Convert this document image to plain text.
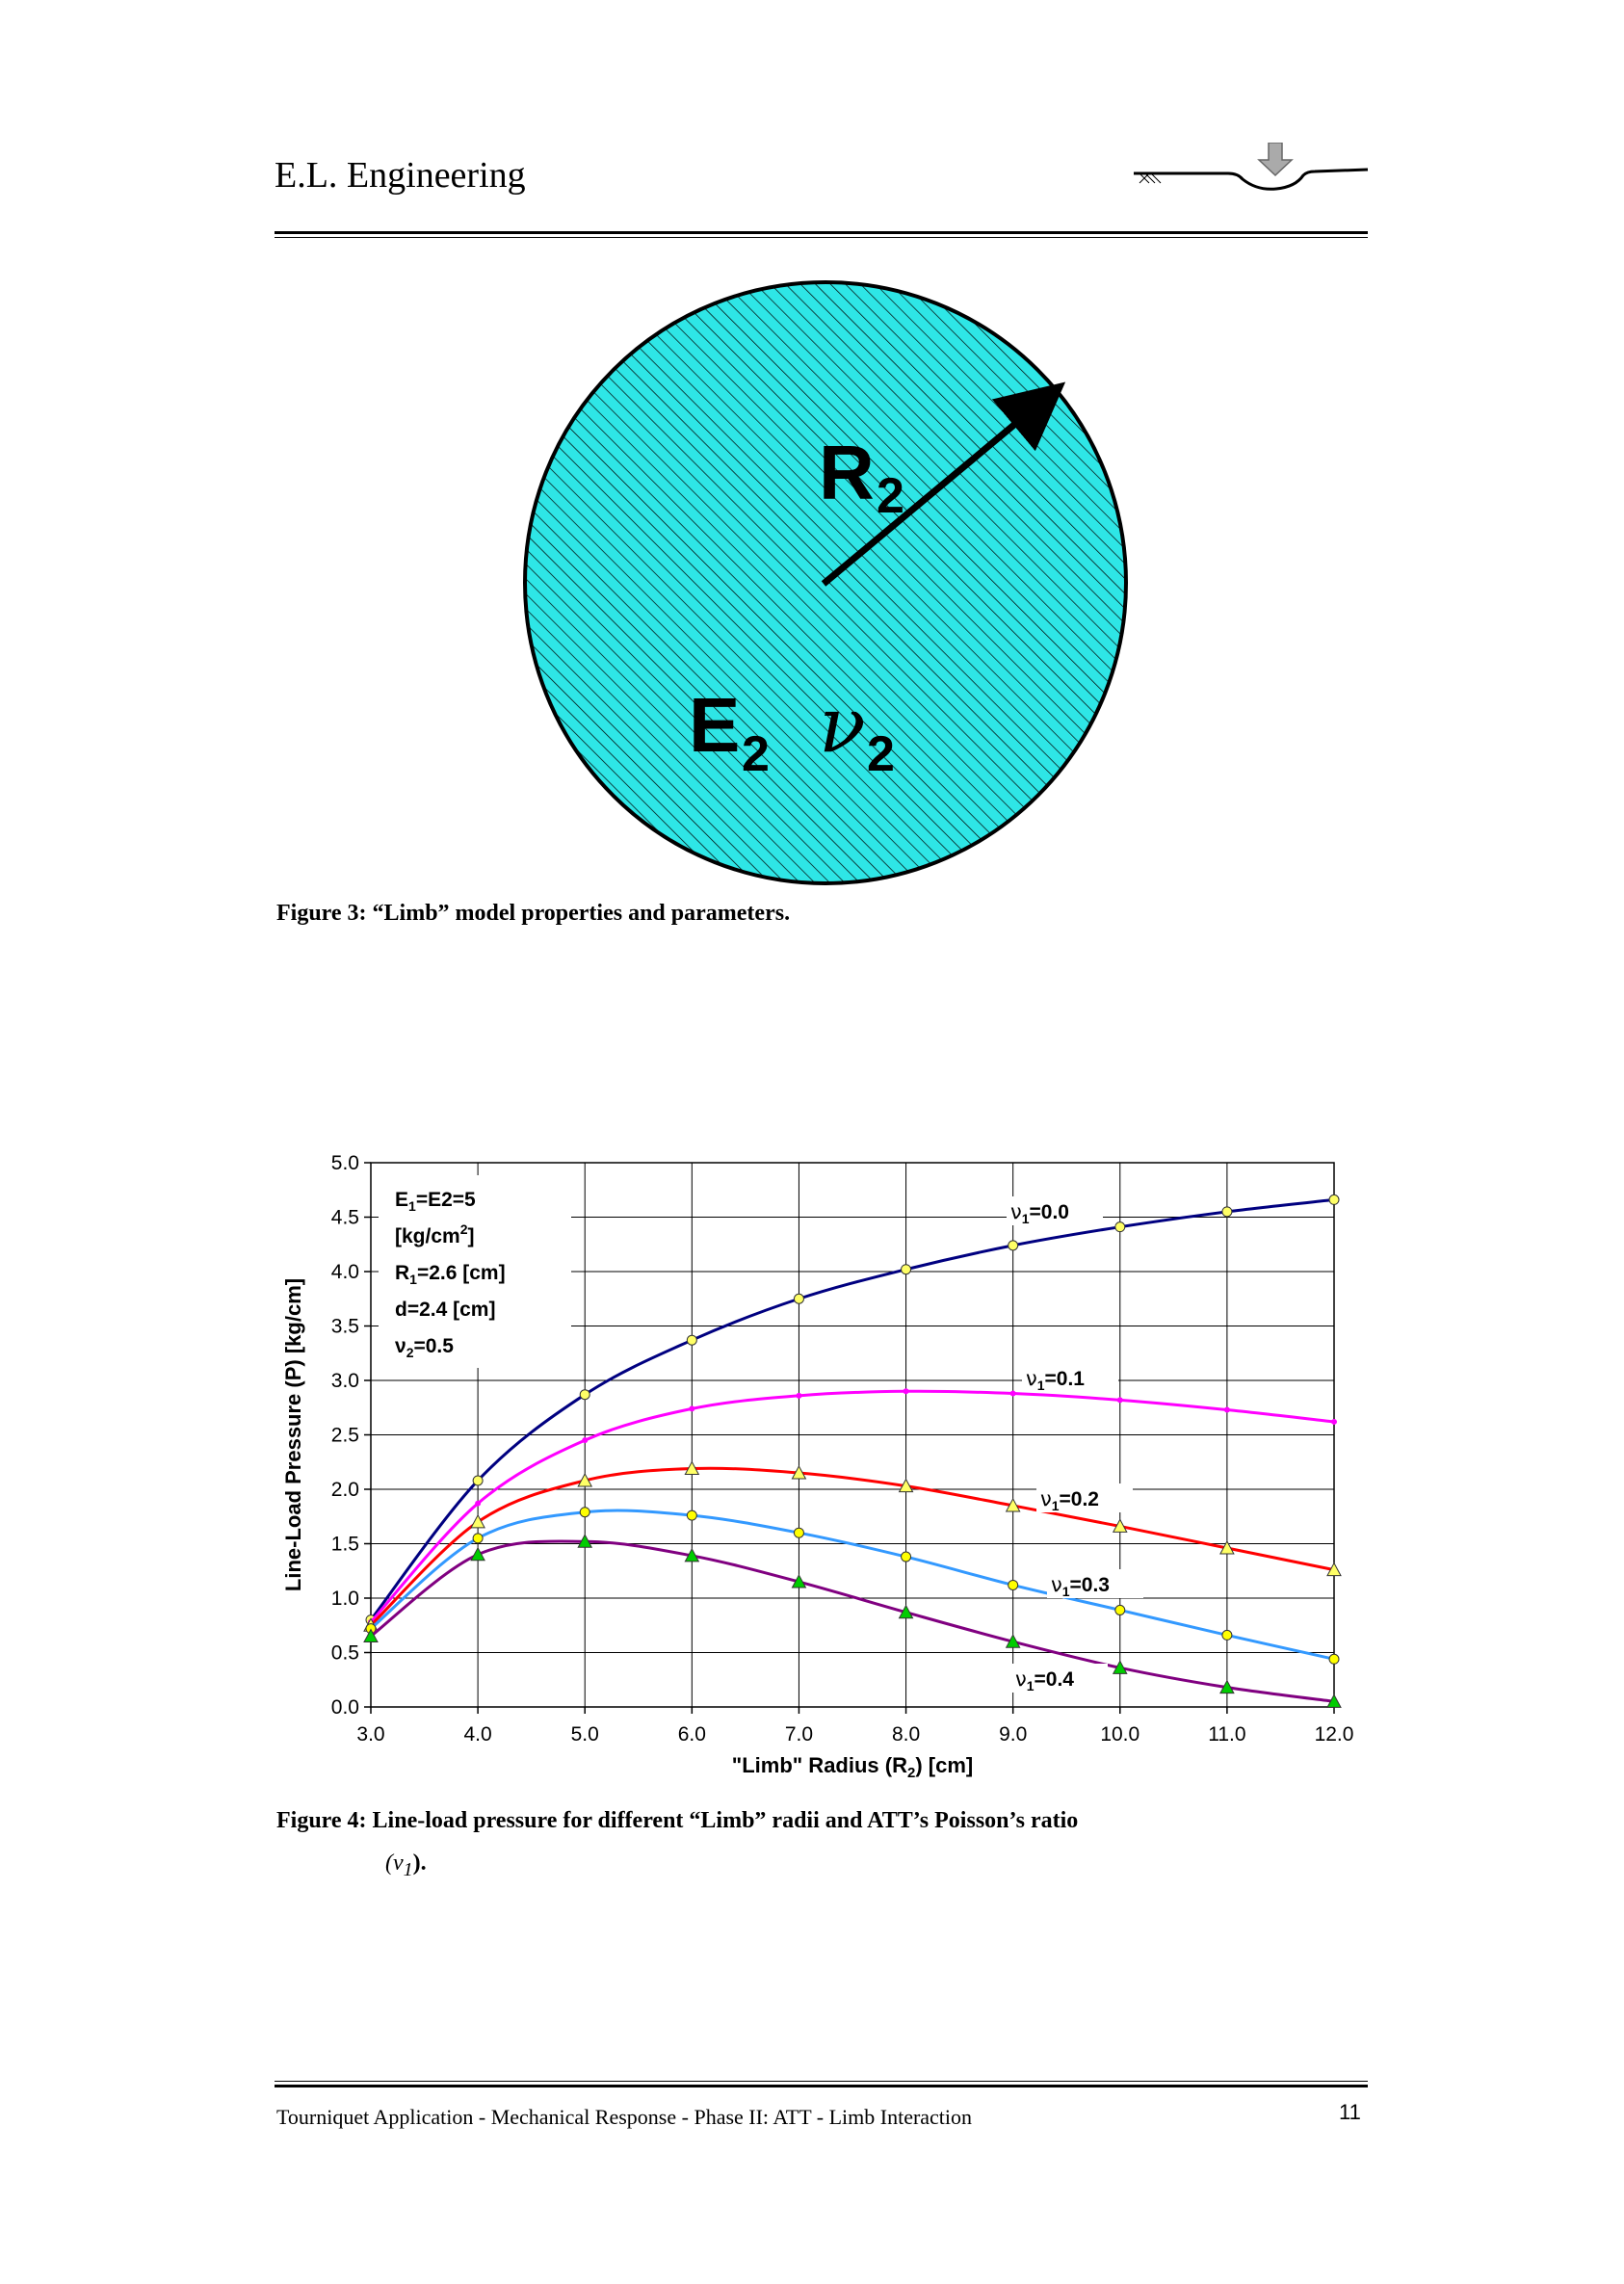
E.L. Engineering
R 2
E 2 ν 2
Figure 3: “Limb” model properties and parameters.
3.0	4.0	5.0	6.0	7.0	8.0	9.0	10.0	11.0	12.0
0.0
0.5
1.0
1.5
2.0
2.5
3.0
3.5
4.0
4.5
5.0
"Limb" Radius $(R_2)$ [cm]
Line-Load Pressure (P) [kg/cm]
$\nu_1=0.0$
$\nu_1=0.1$
$\nu_1=0.2$
$\nu_1=0.3$
$\nu_1=0.4$
$E_1=E2=5$
$[kg/cm^2]$
$R_1=2.6$ [cm]
d=2.4 [cm]
$\nu_2=0.5$
Figure 4: Line-load pressure for different “Limb” radii and ATT’s Poisson’s ratio
$(\nu_1)$.
Tourniquet Application - Mechanical Response - Phase II: ATT - Limb Interaction	11
